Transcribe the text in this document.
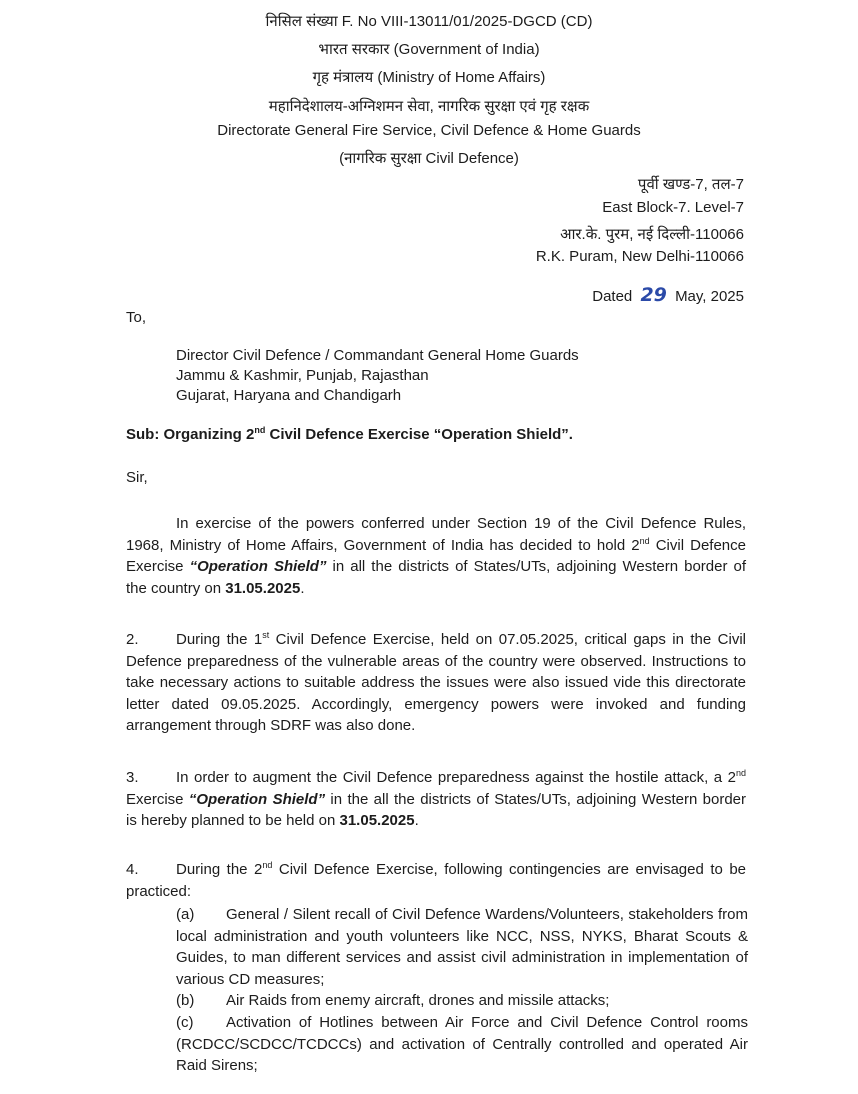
निसिल संख्या F. No VIII-13011/01/2025-DGCD (CD)
भारत सरकार (Government of India)
गृह मंत्रालय (Ministry of Home Affairs)
महानिदेशालय-अग्निशमन सेवा, नागरिक सुरक्षा एवं गृह रक्षक
Directorate General Fire Service, Civil Defence & Home Guards
(नागरिक सुरक्षा Civil Defence)
पूर्वी खण्ड-7, तल-7
East Block-7. Level-7
आर.के. पुरम, नई दिल्ली-110066
R.K. Puram, New Delhi-110066
Dated 29 May, 2025
To,
Director Civil Defence / Commandant General Home Guards
Jammu & Kashmir, Punjab, Rajasthan
Gujarat, Haryana and Chandigarh
Sub: Organizing 2nd Civil Defence Exercise “Operation Shield”.
Sir,

In exercise of the powers conferred under Section 19 of the Civil Defence Rules, 1968, Ministry of Home Affairs, Government of India has decided to hold 2nd Civil Defence Exercise “Operation Shield” in all the districts of States/UTs, adjoining Western border of the country on 31.05.2025.

2. During the 1st Civil Defence Exercise, held on 07.05.2025, critical gaps in the Civil Defence preparedness of the vulnerable areas of the country were observed. Instructions to take necessary actions to suitable address the issues were also issued vide this directorate letter dated 09.05.2025. Accordingly, emergency powers were invoked and funding arrangement through SDRF was also done.

3. In order to augment the Civil Defence preparedness against the hostile attack, a 2nd Exercise “Operation Shield” in the all the districts of States/UTs, adjoining Western border is hereby planned to be held on 31.05.2025.

4. During the 2nd Civil Defence Exercise, following contingencies are envisaged to be practiced:

(a) General / Silent recall of Civil Defence Wardens/Volunteers, stakeholders from local administration and youth volunteers like NCC, NSS, NYKS, Bharat Scouts & Guides, to man different services and assist civil administration in implementation of various CD measures;

(b) Air Raids from enemy aircraft, drones and missile attacks;

(c) Activation of Hotlines between Air Force and Civil Defence Control rooms (RCDCC/SCDCC/TCDCCs) and activation of Centrally controlled and operated Air Raid Sirens;
